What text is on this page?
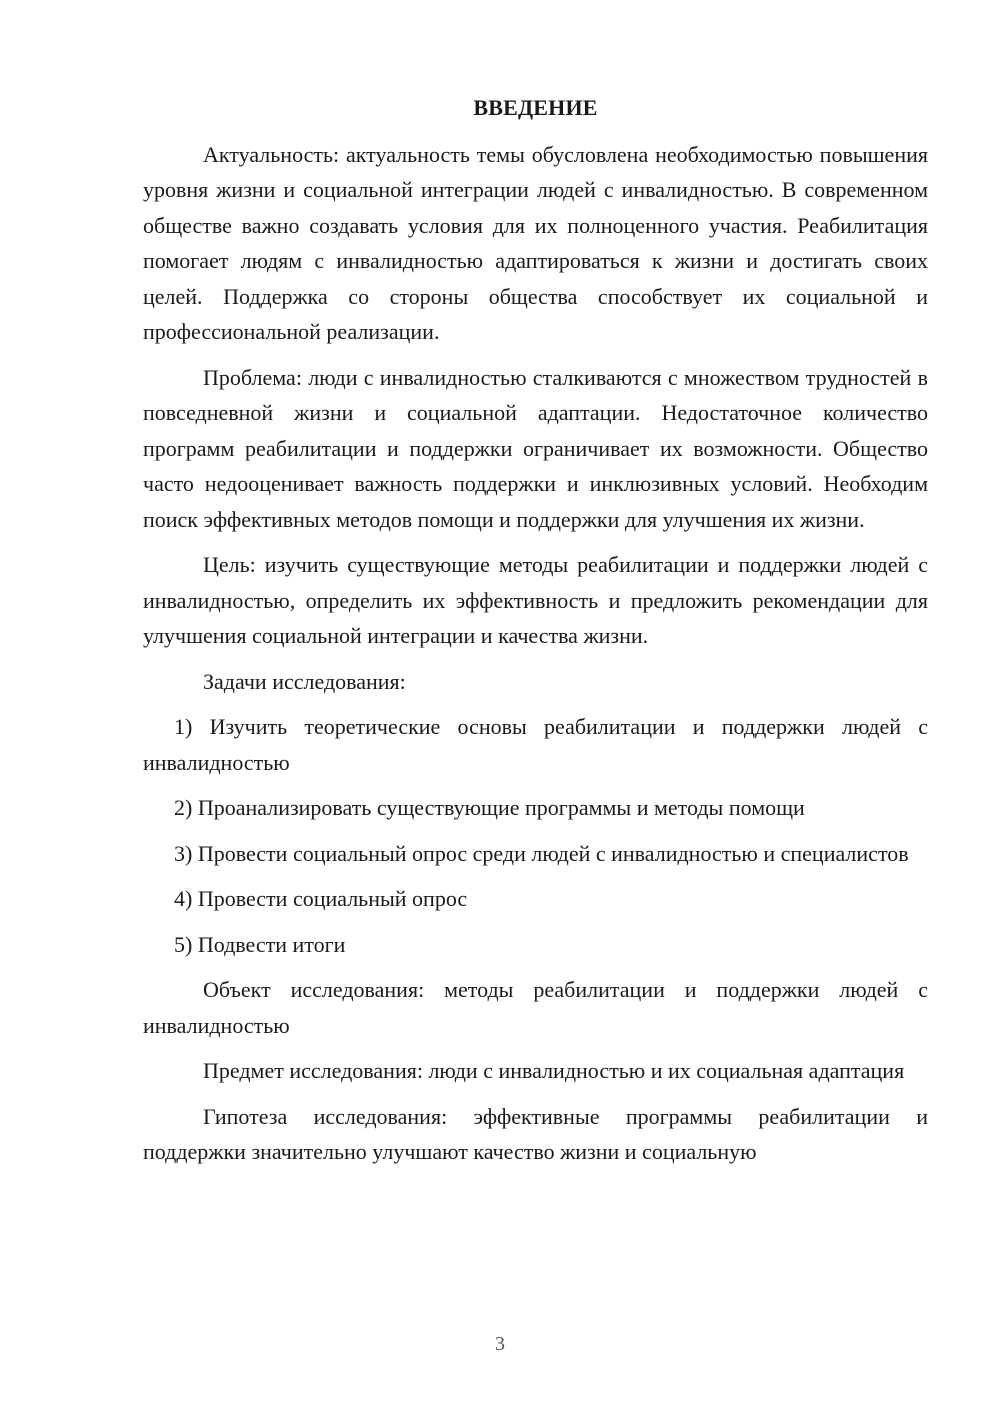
ВВЕДЕНИЕ

Актуальность: актуальность темы обусловлена необходимостью повышения уровня жизни и социальной интеграции людей с инвалидностью. В современном обществе важно создавать условия для их полноценного участия. Реабилитация помогает людям с инвалидностью адаптироваться к жизни и достигать своих целей. Поддержка со стороны общества способствует их социальной и профессиональной реализации.

Проблема: люди с инвалидностью сталкиваются с множеством трудностей в повседневной жизни и социальной адаптации. Недостаточное количество программ реабилитации и поддержки ограничивает их возможности. Общество часто недооценивает важность поддержки и инклюзивных условий. Необходим поиск эффективных методов помощи и поддержки для улучшения их жизни.

Цель: изучить существующие методы реабилитации и поддержки людей с инвалидностью, определить их эффективность и предложить рекомендации для улучшения социальной интеграции и качества жизни.

Задачи исследования:

1) Изучить теоретические основы реабилитации и поддержки людей с инвалидностью

2) Проанализировать существующие программы и методы помощи

3) Провести социальный опрос среди людей с инвалидностью и специалистов

4) Провести социальный опрос

5) Подвести итоги

Объект исследования: методы реабилитации и поддержки людей с инвалидностью

Предмет исследования: люди с инвалидностью и их социальная адаптация

Гипотеза исследования: эффективные программы реабилитации и поддержки значительно улучшают качество жизни и социальную

3
